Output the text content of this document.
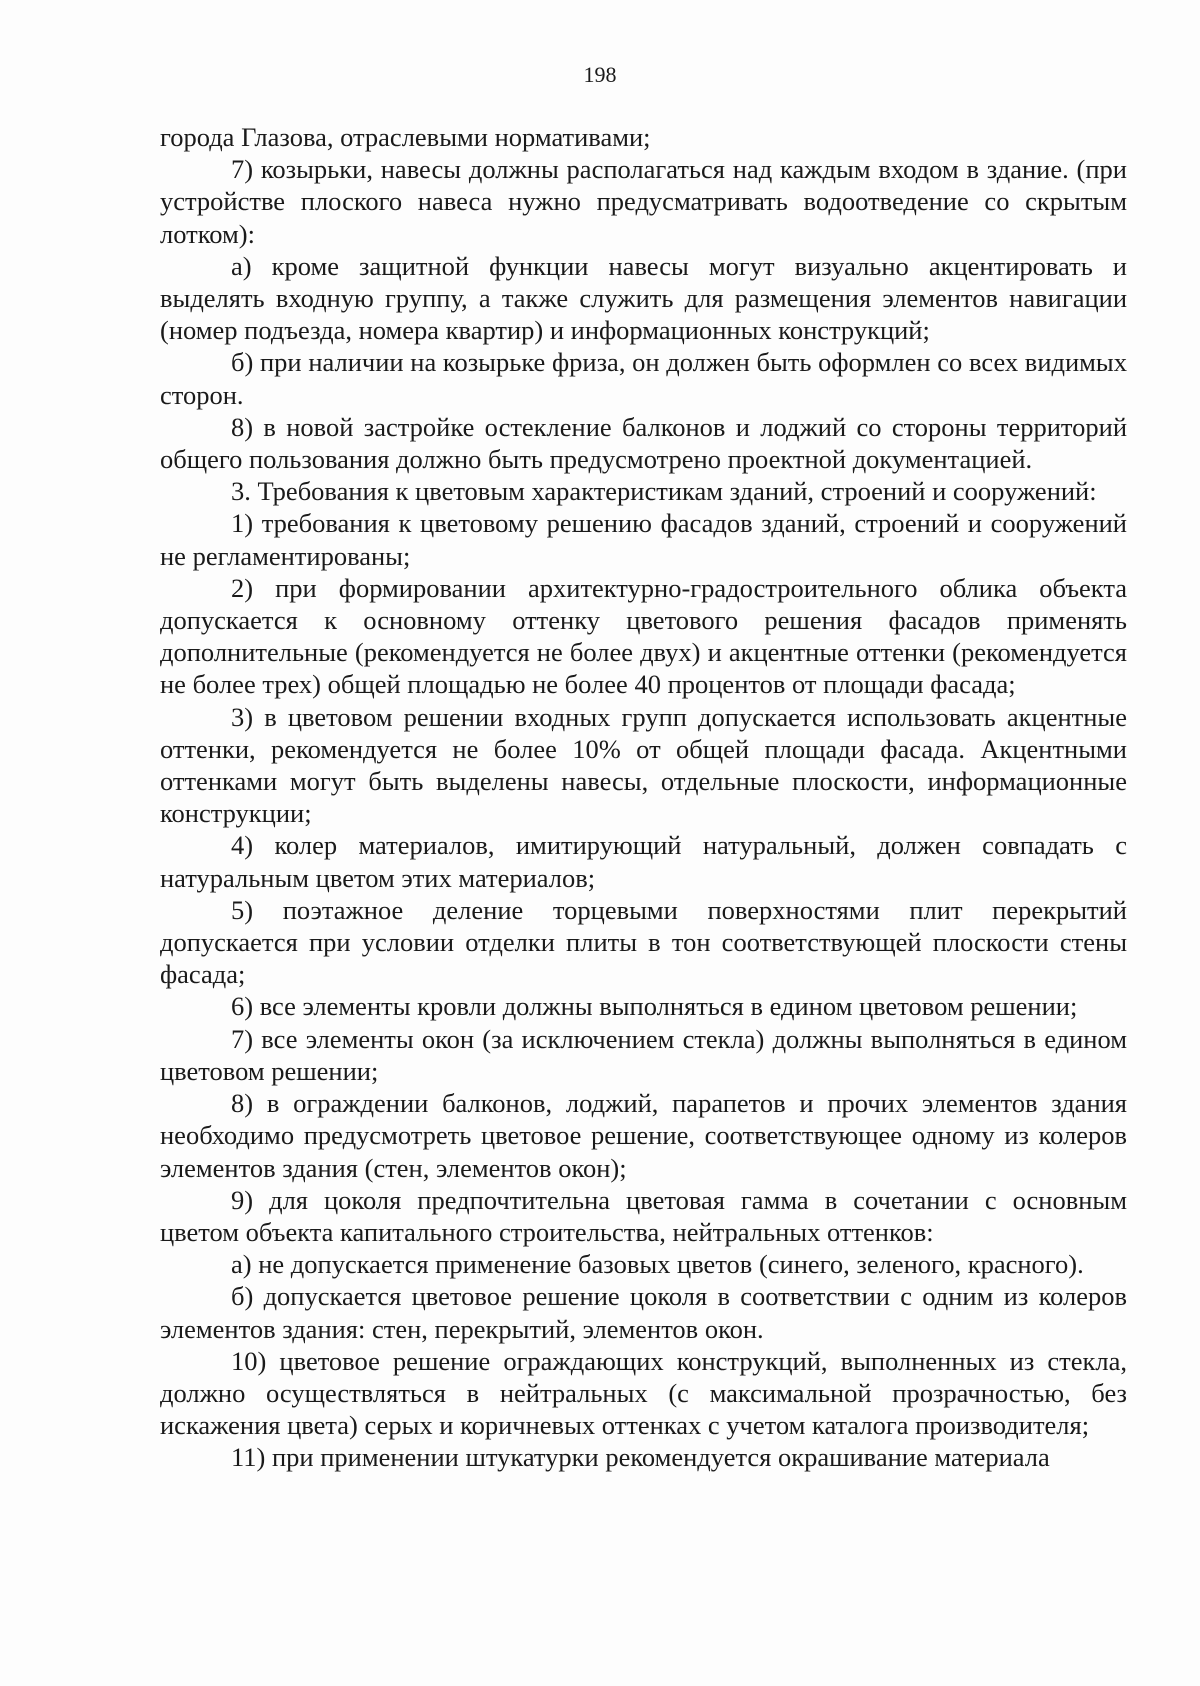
198

города Глазова, отраслевыми нормативами;

7) козырьки, навесы должны располагаться над каждым входом в здание. (при устройстве плоского навеса нужно предусматривать водоотведение со скрытым лотком):

а) кроме защитной функции навесы могут визуально акцентировать и выделять входную группу, а также служить для размещения элементов навигации (номер подъезда, номера квартир) и информационных конструкций;

б) при наличии на козырьке фриза, он должен быть оформлен со всех видимых сторон.

8) в новой застройке остекление балконов и лоджий со стороны территорий общего пользования должно быть предусмотрено проектной документацией.

3. Требования к цветовым характеристикам зданий, строений и сооружений:

1) требования к цветовому решению фасадов зданий, строений и сооружений не регламентированы;

2) при формировании архитектурно-градостроительного облика объекта допускается к основному оттенку цветового решения фасадов применять дополнительные (рекомендуется не более двух) и акцентные оттенки (рекомендуется не более трех) общей площадью не более 40 процентов от площади фасада;

3) в цветовом решении входных групп допускается использовать акцентные оттенки, рекомендуется не более 10% от общей площади фасада. Акцентными оттенками могут быть выделены навесы, отдельные плоскости, информационные конструкции;

4) колер материалов, имитирующий натуральный, должен совпадать с натуральным цветом этих материалов;

5) поэтажное деление торцевыми поверхностями плит перекрытий допускается при условии отделки плиты в тон соответствующей плоскости стены фасада;

6) все элементы кровли должны выполняться в едином цветовом решении;

7) все элементы окон (за исключением стекла) должны выполняться в едином цветовом решении;

8) в ограждении балконов, лоджий, парапетов и прочих элементов здания необходимо предусмотреть цветовое решение, соответствующее одному из колеров элементов здания (стен, элементов окон);

9) для цоколя предпочтительна цветовая гамма в сочетании с основным цветом объекта капитального строительства, нейтральных оттенков:

а) не допускается применение базовых цветов (синего, зеленого, красного).

б) допускается цветовое решение цоколя в соответствии с одним из колеров элементов здания: стен, перекрытий, элементов окон.

10) цветовое решение ограждающих конструкций, выполненных из стекла, должно осуществляться в нейтральных (с максимальной прозрачностью, без искажения цвета) серых и коричневых оттенках с учетом каталога производителя;

11) при применении штукатурки рекомендуется окрашивание материала
